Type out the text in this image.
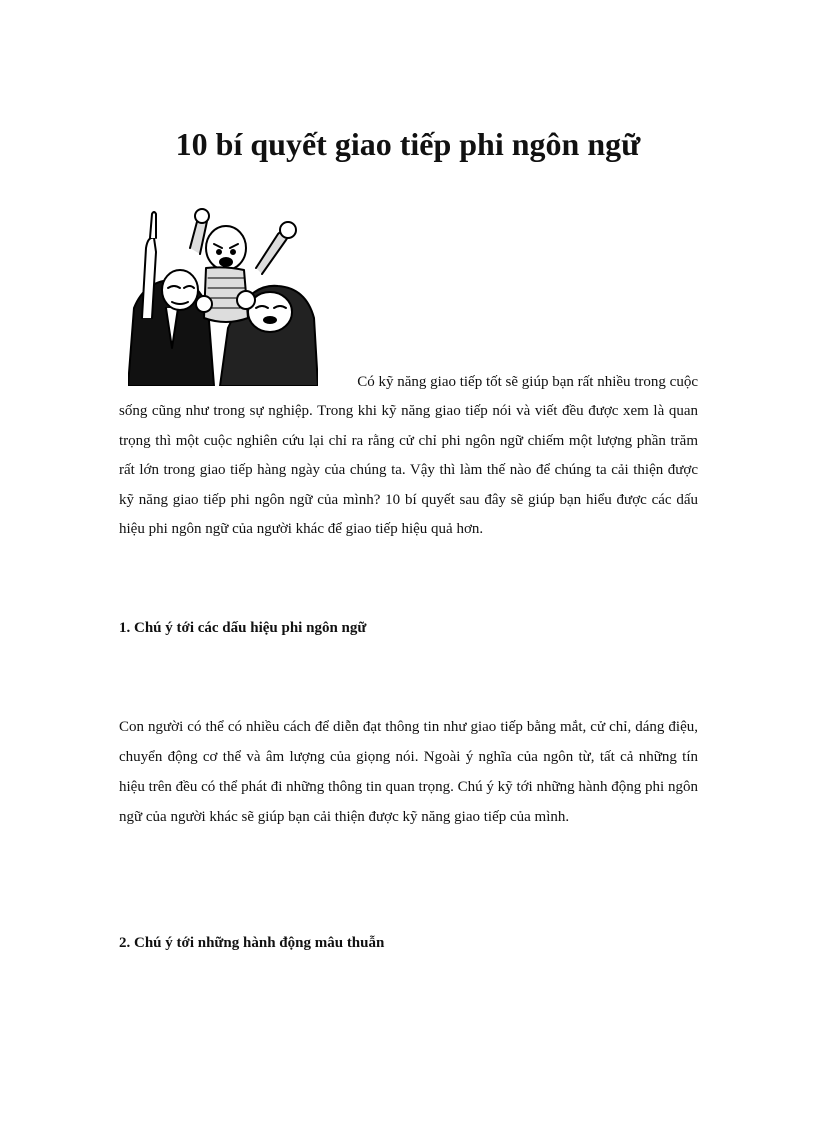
10 bí quyết giao tiếp phi ngôn ngữ

Có kỹ năng giao tiếp tốt sẽ giúp bạn rất nhiều trong cuộc

sống cũng như trong sự nghiệp. Trong khi kỹ năng giao tiếp nói và viết đều được xem là quan trọng thì một cuộc nghiên cứu lại chỉ ra rằng cử chỉ phi ngôn ngữ chiếm một lượng phần trăm rất lớn trong giao tiếp hàng ngày của chúng ta. Vậy thì làm thế nào để chúng ta cải thiện được kỹ năng giao tiếp phi ngôn ngữ của mình? 10 bí quyết sau đây sẽ giúp bạn hiểu được các dấu hiệu phi ngôn ngữ của người khác để giao tiếp hiệu quả hơn.

1. Chú ý tới các dấu hiệu phi ngôn ngữ

Con người có thể có nhiều cách để diễn đạt thông tin như giao tiếp bằng mắt, cử chỉ, dáng điệu, chuyển động cơ thể và âm lượng của giọng nói. Ngoài ý nghĩa của ngôn từ, tất cả những tín hiệu trên đều có thể phát đi những thông tin quan trọng. Chú ý kỹ tới những hành động phi ngôn ngữ của người khác sẽ giúp bạn cải thiện được kỹ năng giao tiếp của mình.

2. Chú ý tới những hành động mâu thuẫn
